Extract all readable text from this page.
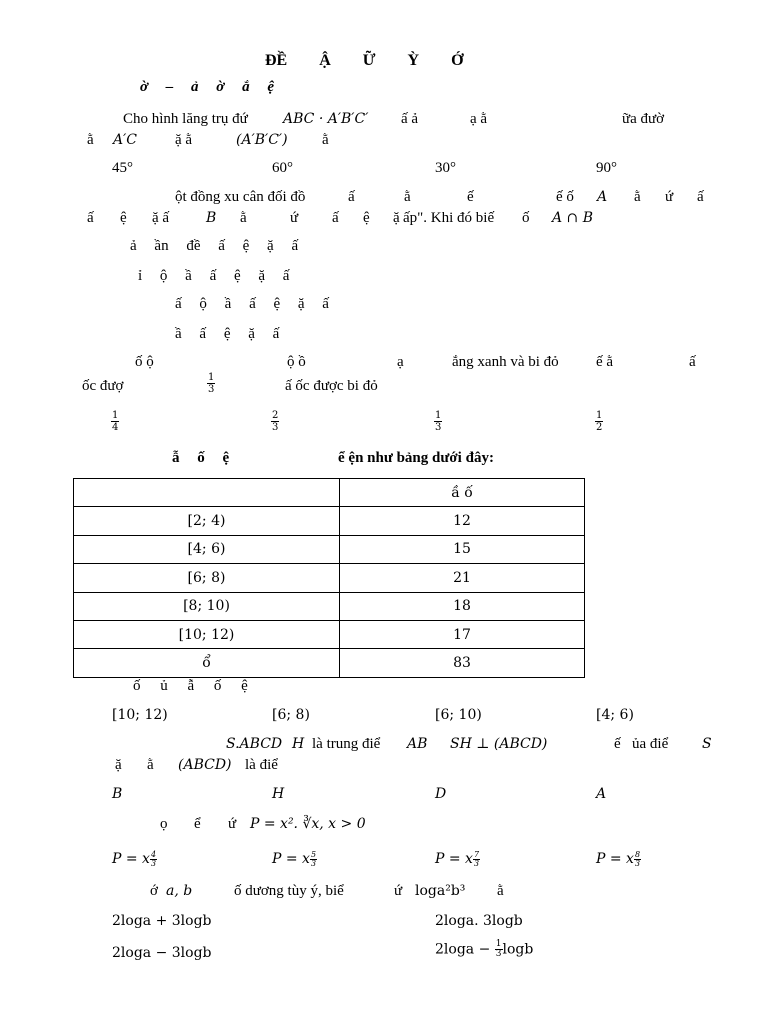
ĐỀ Ậ Ữ Ỳ Ớ
ờ – ả ờ ắ ệ
Cho hình lăng trụ đứ	ABC · A′B′C′ ấ ả	ạ ằ	ữa đườ
ằ A′C	ặ ằ	(A′B′C′) ằ
45°	60°	30°	90°
ột đồng xu cân đối đồ	ấ	ằ	ế	ế ố A ằ ứ ấ
ấ ệ ặ ấ	B ằ	ứ ấ ệ ặ ấp". Khi đó biế ố A ∩ B
ả ần đề ấ ệ ặ ấ
ỉ ộ ầ ấ ệ ặ ấ
ấ ộ ầ ấ ệ ặ ấ
ầ ấ ệ ặ ấ
ố ộ	ộ ồ	ạ	ắng xanh và bi đỏ ế ằ	ấ
ốc đượ	$\frac{1}{3}$	ấ ốc được bi đỏ
$\frac{1}{4}$	$\frac{2}{3}$	$\frac{1}{3}$	$\frac{1}{2}$
ẫ ố ệ	ể ện như bảng dưới đây:
	ầ ố
[2; 4)	12
[4; 6)	15
[6; 8)	21
[8; 10)	18
[10; 12)	17
ổ	83
ố ủ ẫ ố ệ
[10; 12)	[6; 8)	[6; 10)	[4; 6)
S.ABCD H là trung điể AB SH ⊥ (ABCD)	ế ủa điể S
ặ ằ (ABCD) là điể
B	H	D	A
ọ ể ứ P = x². ∛x, x > 0
P = x $\frac{4}{3}$	P = x $\frac{5}{3}$	P = x $\frac{7}{3}$	P = x $\frac{8}{3}$
ớ a, b	ố dương tùy ý, biể	ứ loga²b³ ằ
2loga + 3logb	2loga. 3logb
2loga − 3logb	$2\log a - \frac{1}{3}$ logb
